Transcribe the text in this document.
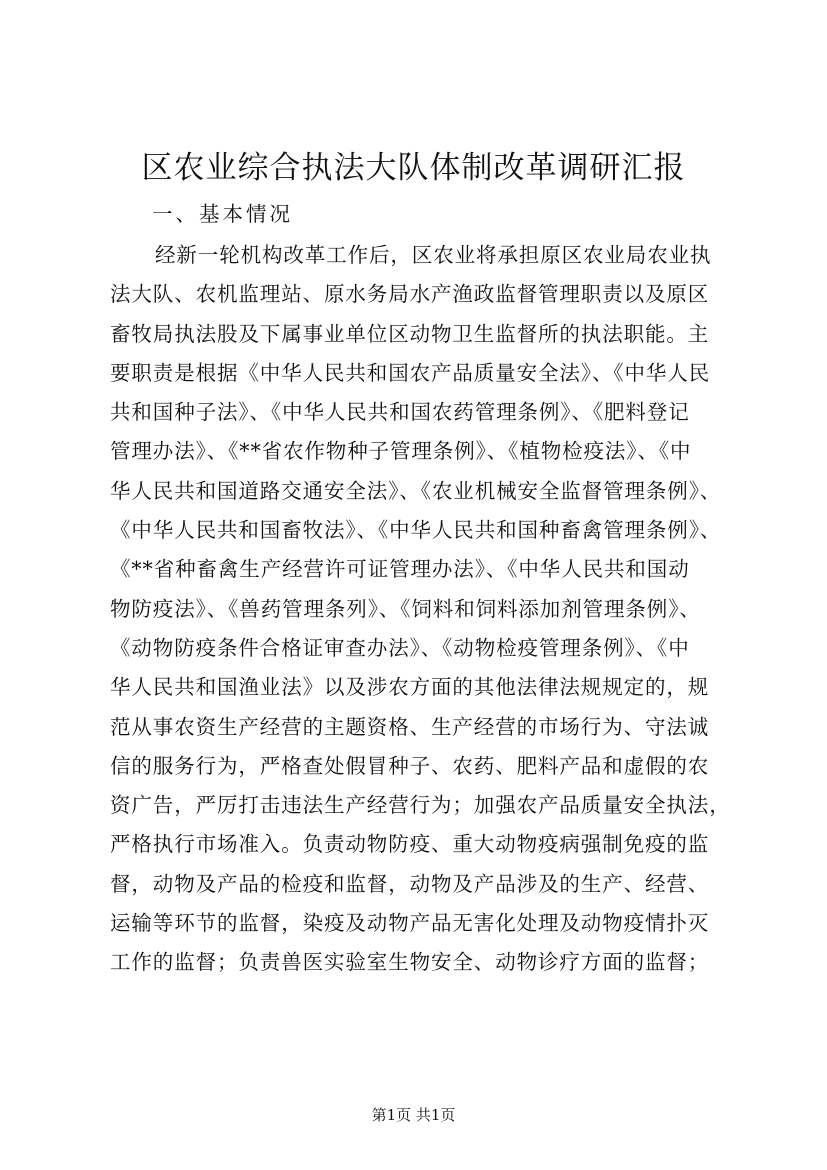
区农业综合执法大队体制改革调研汇报

一、基本情况

经新一轮机构改革工作后，区农业将承担原区农业局农业执
法大队、农机监理站、原水务局水产渔政监督管理职责以及原区
畜牧局执法股及下属事业单位区动物卫生监督所的执法职能。主
要职责是根据《中华人民共和国农产品质量安全法》、《中华人民
共和国种子法》、《中华人民共和国农药管理条例》、《肥料登记
管理办法》、《**省农作物种子管理条例》、《植物检疫法》、《中
华人民共和国道路交通安全法》、《农业机械安全监督管理条例》、
《中华人民共和国畜牧法》、《中华人民共和国种畜禽管理条例》、
《**省种畜禽生产经营许可证管理办法》、《中华人民共和国动
物防疫法》、《兽药管理条列》、《饲料和饲料添加剂管理条例》、
《动物防疫条件合格证审查办法》、《动物检疫管理条例》、《中
华人民共和国渔业法》以及涉农方面的其他法律法规规定的，规
范从事农资生产经营的主题资格、生产经营的市场行为、守法诚
信的服务行为，严格查处假冒种子、农药、肥料产品和虚假的农
资广告，严厉打击违法生产经营行为；加强农产品质量安全执法，
严格执行市场准入。负责动物防疫、重大动物疫病强制免疫的监
督，动物及产品的检疫和监督，动物及产品涉及的生产、经营、
运输等环节的监督，染疫及动物产品无害化处理及动物疫情扑灭
工作的监督；负责兽医实验室生物安全、动物诊疗方面的监督；
第1页 共1页
